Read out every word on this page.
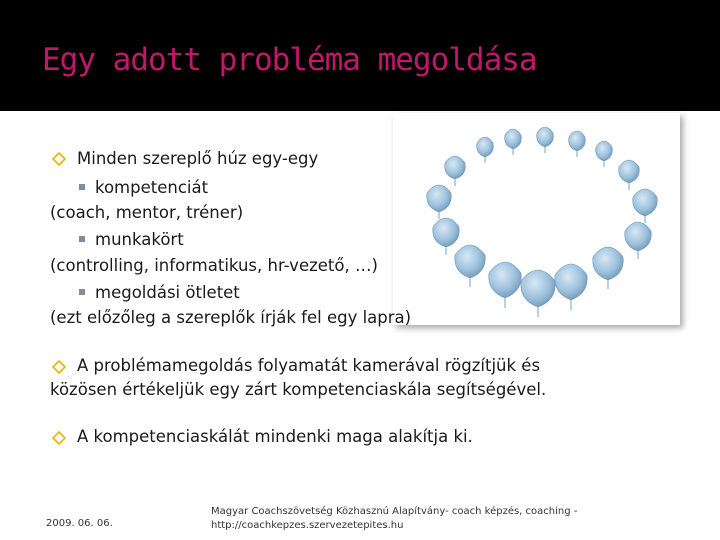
Egy adott probléma megoldása
Minden szereplő húz egy-egy
kompetenciát
(coach, mentor, tréner)
munkakört
(controlling, informatikus, hr-vezető, …)
megoldási ötletet
(ezt előzőleg a szereplők írják fel egy lapra)
A problémamegoldás folyamatát kamerával rögzítjük és
közösen értékeljük egy zárt kompetenciaskála segítségével.
A kompetenciaskálát mindenki maga alakítja ki.
2009. 06. 06.
Magyar Coachszövetség Közhasznú Alapítvány- coach képzés, coaching -
http://coachkepzes.szervezetepites.hu
